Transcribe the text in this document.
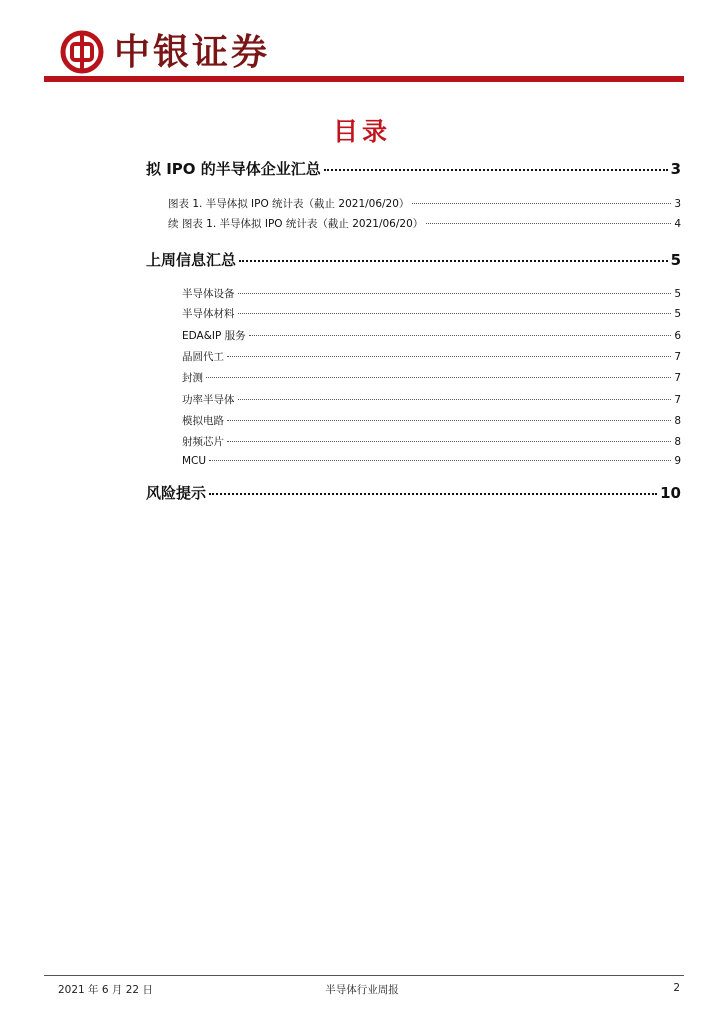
中银证券
目录
拟 IPO 的半导体企业汇总	3
图表 1. 半导体拟 IPO 统计表（截止 2021/06/20）	3
续 图表 1. 半导体拟 IPO 统计表（截止 2021/06/20）	4
上周信息汇总	5
半导体设备	5
半导体材料	5
EDA&IP 服务	6
晶圆代工	7
封测	7
功率半导体	7
模拟电路	8
射频芯片	8
MCU	9
风险提示	10
2021 年 6 月 22 日	半导体行业周报	2
